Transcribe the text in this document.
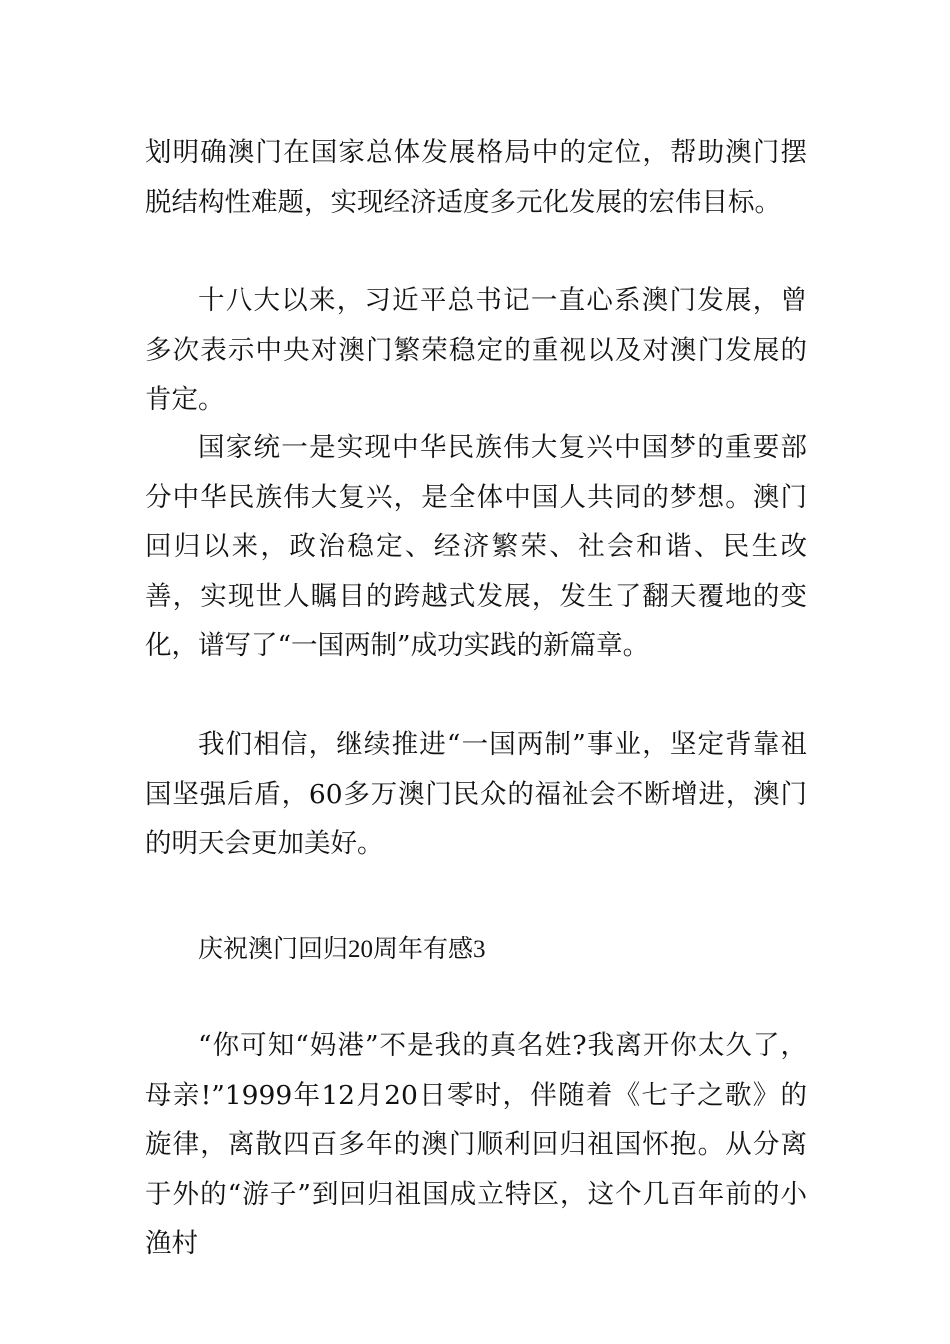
划明确澳门在国家总体发展格局中的定位，帮助澳门摆脱结构性难题，实现经济适度多元化发展的宏伟目标。

十八大以来，习近平总书记一直心系澳门发展，曾多次表示中央对澳门繁荣稳定的重视以及对澳门发展的肯定。

国家统一是实现中华民族伟大复兴中国梦的重要部分中华民族伟大复兴，是全体中国人共同的梦想。澳门回归以来，政治稳定、经济繁荣、社会和谐、民生改善，实现世人瞩目的跨越式发展，发生了翻天覆地的变化，谱写了“一国两制”成功实践的新篇章。

我们相信，继续推进“一国两制”事业，坚定背靠祖国坚强后盾，60多万澳门民众的福祉会不断增进，澳门的明天会更加美好。

庆祝澳门回归20周年有感3

“你可知“妈港”不是我的真名姓?我离开你太久了，母亲!”1999年12月20日零时，伴随着《七子之歌》的旋律，离散四百多年的澳门顺利回归祖国怀抱。从分离于外的“游子”到回归祖国成立特区，这个几百年前的小渔村
